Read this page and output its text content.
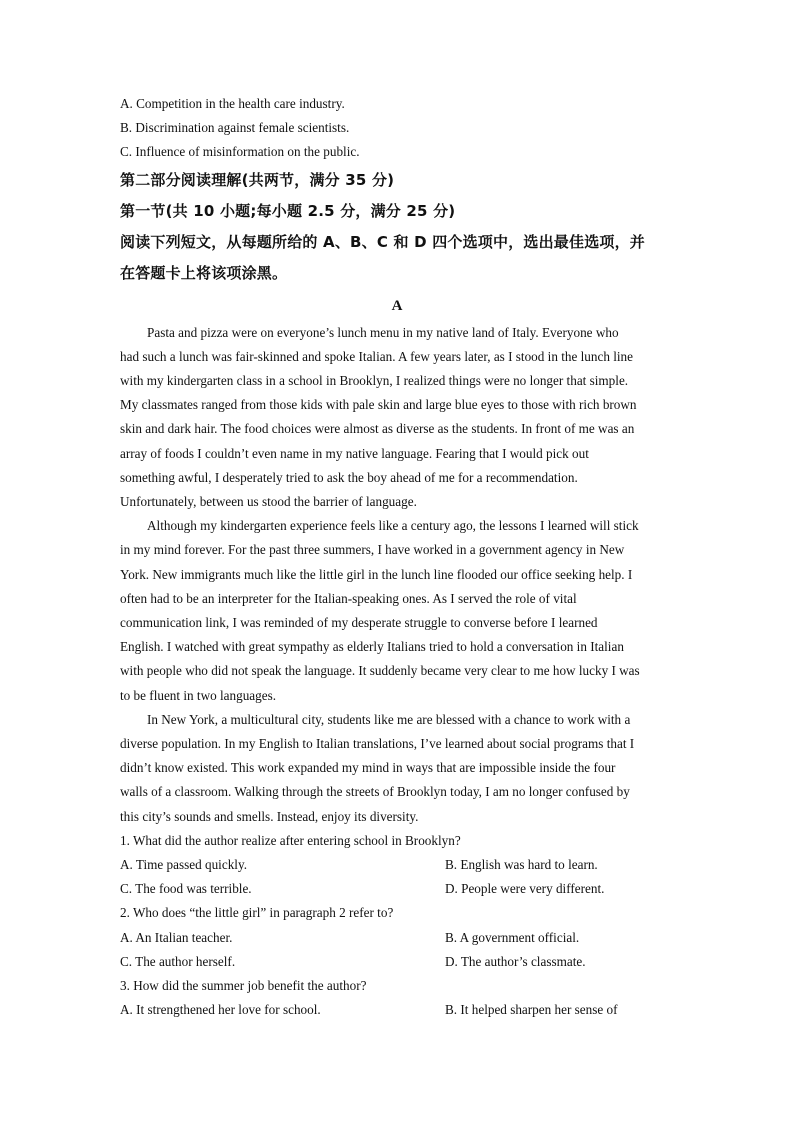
A. Competition in the health care industry.

B. Discrimination against female scientists.

C. Influence of misinformation on the public.

第二部分阅读理解(共两节，满分 35 分)

第一节(共 10 小题;每小题 2.5 分，满分 25 分)

阅读下列短文，从每题所给的 A、B、C 和 D 四个选项中，选出最佳选项，并

在答题卡上将该项涂黑。

A

Pasta and pizza were on everyone’s lunch menu in my native land of Italy. Everyone who
had such a lunch was fair-skinned and spoke Italian. A few years later, as I stood in the lunch line
with my kindergarten class in a school in Brooklyn, I realized things were no longer that simple.
My classmates ranged from those kids with pale skin and large blue eyes to those with rich brown
skin and dark hair. The food choices were almost as diverse as the students. In front of me was an
array of foods I couldn’t even name in my native language. Fearing that I would pick out
something awful, I desperately tried to ask the boy ahead of me for a recommendation.
Unfortunately, between us stood the barrier of language.

Although my kindergarten experience feels like a century ago, the lessons I learned will stick
in my mind forever. For the past three summers, I have worked in a government agency in New
York. New immigrants much like the little girl in the lunch line flooded our office seeking help. I
often had to be an interpreter for the Italian-speaking ones. As I served the role of vital
communication link, I was reminded of my desperate struggle to converse before I learned
English. I watched with great sympathy as elderly Italians tried to hold a conversation in Italian
with people who did not speak the language. It suddenly became very clear to me how lucky I was
to be fluent in two languages.

In New York, a multicultural city, students like me are blessed with a chance to work with a
diverse population. In my English to Italian translations, I’ve learned about social programs that I
didn’t know existed. This work expanded my mind in ways that are impossible inside the four
walls of a classroom. Walking through the streets of Brooklyn today, I am no longer confused by
this city’s sounds and smells. Instead, enjoy its diversity.

1. What did the author realize after entering school in Brooklyn?

A. Time passed quickly.	B. English was hard to learn.
C. The food was terrible.	D. People were very different.

2. Who does “the little girl” in paragraph 2 refer to?

A. An Italian teacher.	B. A government official.
C. The author herself.	D. The author’s classmate.

3. How did the summer job benefit the author?

A. It strengthened her love for school.	B. It helped sharpen her sense of
